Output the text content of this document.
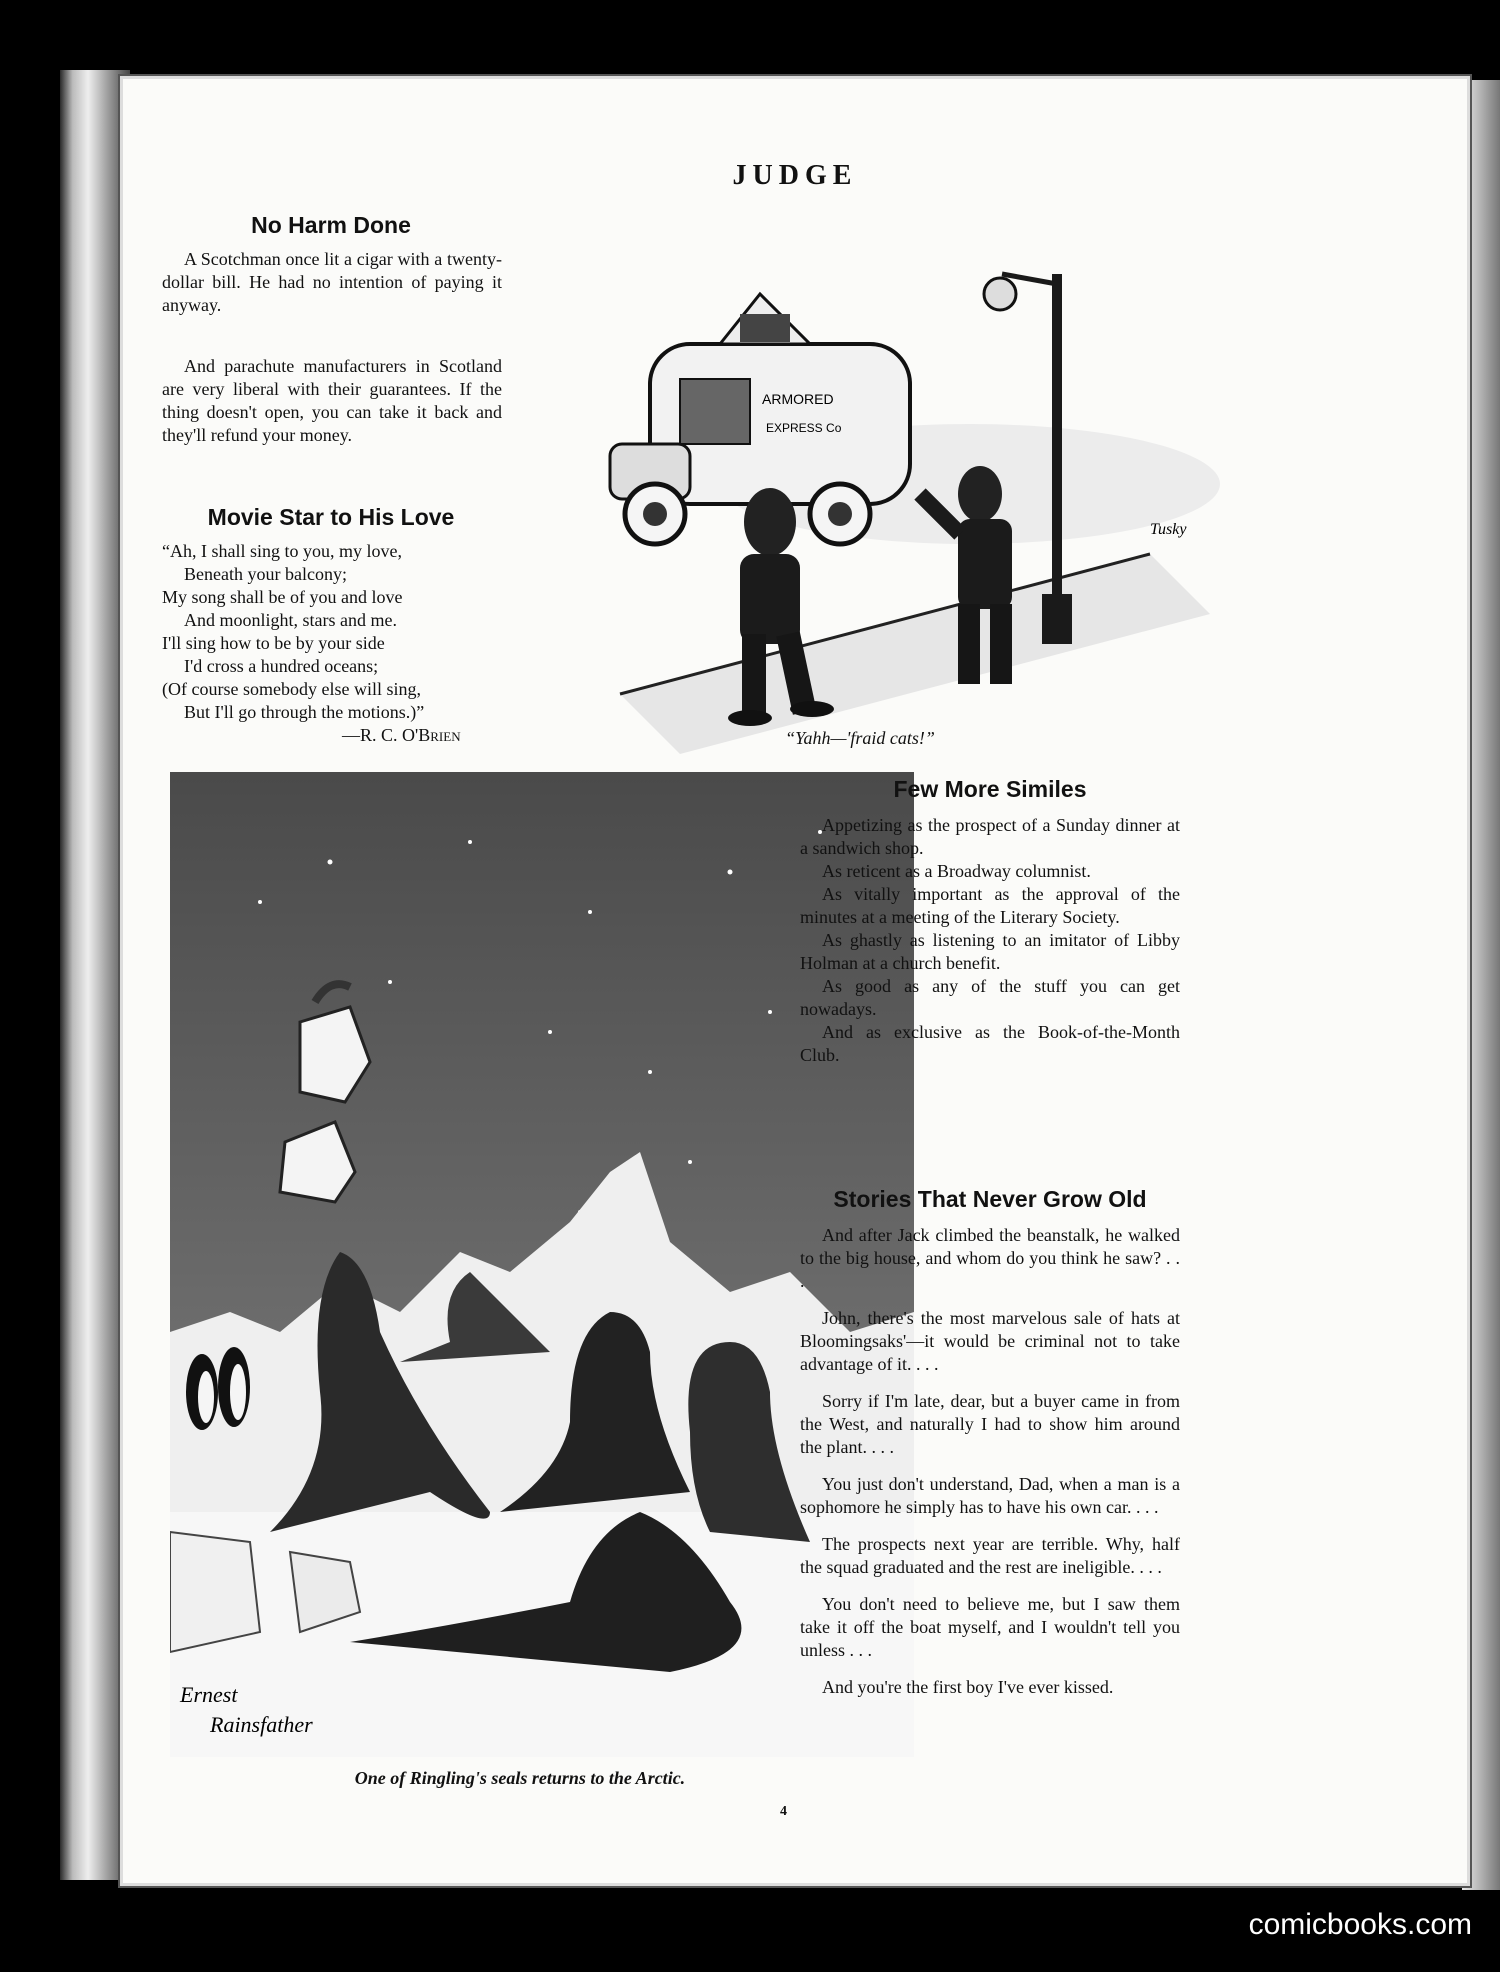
JUDGE
No Harm Done

A Scotchman once lit a cigar with a twenty-dollar bill. He had no intention of paying it anyway.

And parachute manufacturers in Scotland are very liberal with their guarantees. If the thing doesn't open, you can take it back and they'll refund your money.

Movie Star to His Love
“Ah, I shall sing to you, my love,
Beneath your balcony;
My song shall be of you and love
And moonlight, stars and me.
I'll sing how to be by your side
I'd cross a hundred oceans;
(Of course somebody else will sing,
But I'll go through the motions.)”
—R. C. O'Brien
ARMORED
EXPRESS Co
Tusky
“Yahh—'fraid cats!”
Ernest
Rainsfather
One of Ringling's seals returns to the Arctic.
4
Few More Similes

Appetizing as the prospect of a Sunday dinner at a sandwich shop.

As reticent as a Broadway columnist.

As vitally important as the approval of the minutes at a meeting of the Literary Society.

As ghastly as listening to an imitator of Libby Holman at a church benefit.

As good as any of the stuff you can get nowadays.

And as exclusive as the Book-of-the-Month Club.

Stories That Never Grow Old

And after Jack climbed the beanstalk, he walked to the big house, and whom do you think he saw? . . .

John, there's the most marvelous sale of hats at Bloomingsaks'—it would be criminal not to take advantage of it. . . .

Sorry if I'm late, dear, but a buyer came in from the West, and naturally I had to show him around the plant. . . .

You just don't understand, Dad, when a man is a sophomore he simply has to have his own car. . . .

The prospects next year are terrible. Why, half the squad graduated and the rest are ineligible. . . .

You don't need to believe me, but I saw them take it off the boat myself, and I wouldn't tell you unless . . .

And you're the first boy I've ever kissed.

comicbooks.com
